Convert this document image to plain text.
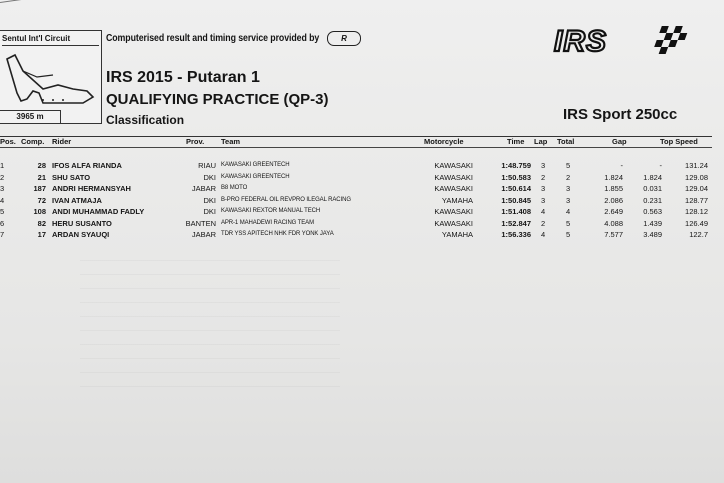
Sentul Int'l Circuit
3965 m
Computerised result and timing service provided by	R	IRS
IRS 2015 - Putaran 1
QUALIFYING PRACTICE (QP-3)
Classification	IRS Sport 250cc
Pos. Comp. Rider	Prov. Team	Motorcycle	Time Lap Total	Gap	Top Speed
1	28 IFOS ALFA RIANDA	RIAU KAWASAKI GREENTECH	KAWASAKI	1:48.759 3	5	-	-	131.24
2	21 SHU SATO	DKI KAWASAKI GREENTECH	KAWASAKI	1:50.583 2	2	1.824	1.824	129.08
3	187 ANDRI HERMANSYAH	JABAR B8 MOTO	KAWASAKI	1:50.614 3	3	1.855	0.031	129.04
4	72 IVAN ATMAJA	DKI B-PRO FEDERAL OIL REVPRO ILEGAL RACING	YAMAHA	1:50.845 3	3	2.086	0.231	128.77
5	108 ANDI MUHAMMAD FADLY	DKI KAWASAKI REXTOR MANUAL TECH	KAWASAKI	1:51.408 4	4	2.649	0.563	128.12
6	82 HERU SUSANTO	BANTEN APR-1 MAHADEWI RACING TEAM	KAWASAKI	1:52.847 2	5	4.088	1.439	126.49
7	17 ARDAN SYAUQI	JABAR TDR YSS APITECH NHK FDR YONK JAYA	YAMAHA	1:56.336 4	5	7.577	3.489	122.7
